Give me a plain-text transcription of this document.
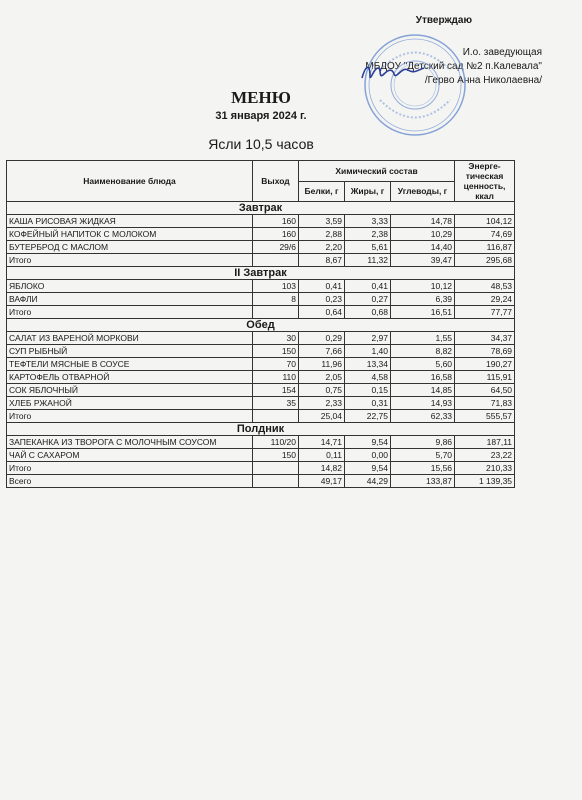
Утверждаю
И.о. заведующая
МБДОУ "Детский сад №2 п.Калевала"
/Гервo Анна Николаевна/
МЕНЮ
31 января 2024 г.
Ясли 10,5 часов
Наименование блюда	Выход	Химический состав			Энерге-тическая ценность, ккал
		Белки, г	Жиры, г	Углеводы, г	
Завтрак					
КАША РИСОВАЯ ЖИДКАЯ	160	3,59	3,33	14,78	104,12
КОФЕЙНЫЙ НАПИТОК С МОЛОКОМ	160	2,88	2,38	10,29	74,69
БУТЕРБРОД С МАСЛОМ	29/6	2,20	5,61	14,40	116,87
Итого		8,67	11,32	39,47	295,68
II Завтрак					
ЯБЛОКО	103	0,41	0,41	10,12	48,53
ВАФЛИ	8	0,23	0,27	6,39	29,24
Итого		0,64	0,68	16,51	77,77
Обед					
САЛАТ ИЗ ВАРЕНОЙ МОРКОВИ	30	0,29	2,97	1,55	34,37
СУП РЫБНЫЙ	150	7,66	1,40	8,82	78,69
ТЕФТЕЛИ МЯСНЫЕ В СОУСЕ	70	11,96	13,34	5,60	190,27
КАРТОФЕЛЬ ОТВАРНОЙ	110	2,05	4,58	16,58	115,91
СОК ЯБЛОЧНЫЙ	154	0,75	0,15	14,85	64,50
ХЛЕБ РЖАНОЙ	35	2,33	0,31	14,93	71,83
Итого		25,04	22,75	62,33	555,57
Полдник					
ЗАПЕКАНКА ИЗ ТВОРОГА С МОЛОЧНЫМ СОУСОМ	110/20	14,71	9,54	9,86	187,11
ЧАЙ С САХАРОМ	150	0,11	0,00	5,70	23,22
Итого		14,82	9,54	15,56	210,33
Всего		49,17	44,29	133,87	1 139,35
